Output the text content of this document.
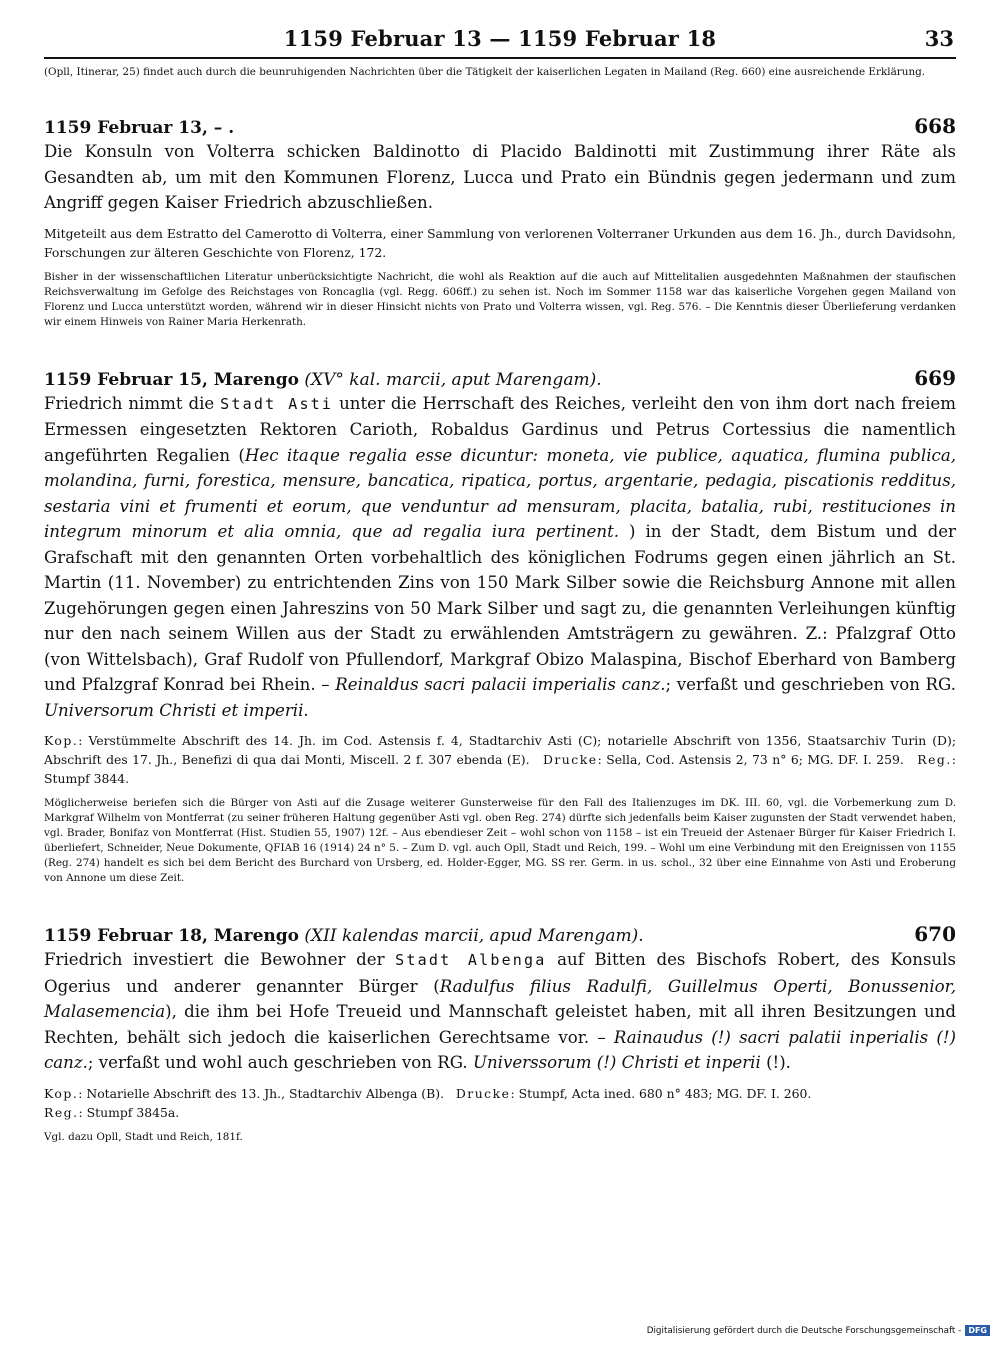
1159 Februar 13 — 1159 Februar 18	33
(Opll, Itinerar, 25) findet auch durch die beunruhigenden Nachrichten über die Tätigkeit der kaiserlichen Legaten in Mailand (Reg. 660) eine ausreichende Erklärung.
1159 Februar 13, – .	668
Die Konsuln von Volterra schicken Baldinotto di Placido Baldinotti mit Zustimmung ihrer Räte als Gesandten ab, um mit den Kommunen Florenz, Lucca und Prato ein Bündnis gegen jedermann und zum Angriff gegen Kaiser Friedrich abzuschließen.
Mitgeteilt aus dem Estratto del Camerotto di Volterra, einer Sammlung von verlorenen Volterraner Urkunden aus dem 16. Jh., durch Davidsohn, Forschungen zur älteren Geschichte von Florenz, 172.
Bisher in der wissenschaftlichen Literatur unberücksichtigte Nachricht, die wohl als Reaktion auf die auch auf Mittelitalien ausgedehnten Maßnahmen der staufischen Reichsverwaltung im Gefolge des Reichstages von Roncaglia (vgl. Regg. 606ff.) zu sehen ist. Noch im Sommer 1158 war das kaiserliche Vorgehen gegen Mailand von Florenz und Lucca unterstützt worden, während wir in dieser Hinsicht nichts von Prato und Volterra wissen, vgl. Reg. 576. – Die Kenntnis dieser Überlieferung verdanken wir einem Hinweis von Rainer Maria Herkenrath.
1159 Februar 15, Marengo (XV° kal. marcii, aput Marengam).	669
Friedrich nimmt die Stadt Asti unter die Herrschaft des Reiches, verleiht den von ihm dort nach freiem Ermessen eingesetzten Rektoren Carioth, Robaldus Gardinus und Petrus Cortessius die namentlich angeführten Regalien (Hec itaque regalia esse dicuntur: moneta, vie publice, aquatica, flumina publica, molandina, furni, forestica, mensure, bancatica, ripatica, portus, argentarie, pedagia, piscationis redditus, sestaria vini et frumenti et eorum, que venduntur ad mensuram, placita, batalia, rubi, restituciones in integrum minorum et alia omnia, que ad regalia iura pertinent. ) in der Stadt, dem Bistum und der Grafschaft mit den genannten Orten vorbehaltlich des königlichen Fodrums gegen einen jährlich an St. Martin (11. November) zu entrichtenden Zins von 150 Mark Silber sowie die Reichsburg Annone mit allen Zugehörungen gegen einen Jahreszins von 50 Mark Silber und sagt zu, die genannten Verleihungen künftig nur den nach seinem Willen aus der Stadt zu erwählenden Amtsträgern zu gewähren. Z.: Pfalzgraf Otto (von Wittelsbach), Graf Rudolf von Pfullendorf, Markgraf Obizo Malaspina, Bischof Eberhard von Bamberg und Pfalzgraf Konrad bei Rhein. – Reinaldus sacri palacii imperialis canz.; verfaßt und geschrieben von RG. Universorum Christi et imperii.
Kop.: Verstümmelte Abschrift des 14. Jh. im Cod. Astensis f. 4, Stadtarchiv Asti (C); notarielle Abschrift von 1356, Staatsarchiv Turin (D); Abschrift des 17. Jh., Benefizi di qua dai Monti, Miscell. 2 f. 307 ebenda (E). Drucke: Sella, Cod. Astensis 2, 73 n° 6; MG. DF. I. 259. Reg.: Stumpf 3844.
Möglicherweise beriefen sich die Bürger von Asti auf die Zusage weiterer Gunsterweise für den Fall des Italienzuges im DK. III. 60, vgl. die Vorbemerkung zum D. Markgraf Wilhelm von Montferrat (zu seiner früheren Haltung gegenüber Asti vgl. oben Reg. 274) dürfte sich jedenfalls beim Kaiser zugunsten der Stadt verwendet haben, vgl. Brader, Bonifaz von Montferrat (Hist. Studien 55, 1907) 12f. – Aus ebendieser Zeit – wohl schon von 1158 – ist ein Treueid der Astenaer Bürger für Kaiser Friedrich I. überliefert, Schneider, Neue Dokumente, QFIAB 16 (1914) 24 n° 5. – Zum D. vgl. auch Opll, Stadt und Reich, 199. – Wohl um eine Verbindung mit den Ereignissen von 1155 (Reg. 274) handelt es sich bei dem Bericht des Burchard von Ursberg, ed. Holder-Egger, MG. SS rer. Germ. in us. schol., 32 über eine Einnahme von Asti und Eroberung von Annone um diese Zeit.
1159 Februar 18, Marengo (XII kalendas marcii, apud Marengam).	670
Friedrich investiert die Bewohner der Stadt Albenga auf Bitten des Bischofs Robert, des Konsuls Ogerius und anderer genannter Bürger (Radulfus filius Radulfi, Guillelmus Operti, Bonussenior, Malasemencia), die ihm bei Hofe Treueid und Mannschaft geleistet haben, mit all ihren Besitzungen und Rechten, behält sich jedoch die kaiserlichen Gerechtsame vor. – Rainaudus (!) sacri palatii inperialis (!) canz.; verfaßt und wohl auch geschrieben von RG. Universsorum (!) Christi et inperii (!).
Kop.: Notarielle Abschrift des 13. Jh., Stadtarchiv Albenga (B). Drucke: Stumpf, Acta ined. 680 n° 483; MG. DF. I. 260.
Reg.: Stumpf 3845a.
Vgl. dazu Opll, Stadt und Reich, 181f.
Digitalisierung gefördert durch die Deutsche Forschungsgemeinschaft - DFG
